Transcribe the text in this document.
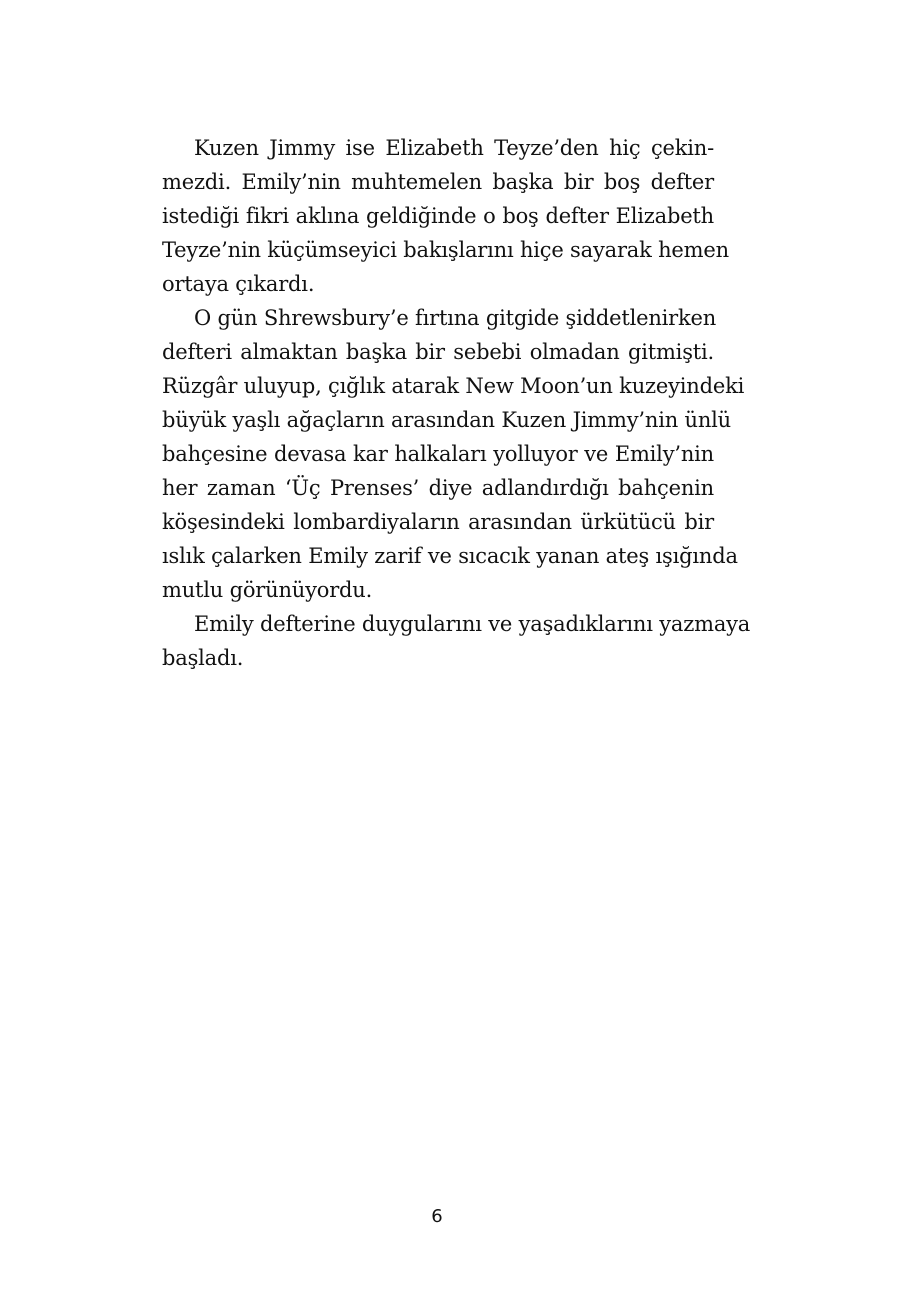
Kuzen Jimmy ise Elizabeth Teyze’den hiç çekin-
mezdi. Emily’nin muhtemelen başka bir boş defter
istediği fikri aklına geldiğinde o boş defter Elizabeth
Teyze’nin küçümseyici bakışlarını hiçe sayarak hemen
ortaya çıkardı.
O gün Shrewsbury’e fırtına gitgide şiddetlenirken
defteri almaktan başka bir sebebi olmadan gitmişti.
Rüzgâr uluyup, çığlık atarak New Moon’un kuzeyindeki
büyük yaşlı ağaçların arasından Kuzen Jimmy’nin ünlü
bahçesine devasa kar halkaları yolluyor ve Emily’nin
her zaman ‘Üç Prenses’ diye adlandırdığı bahçenin
köşesindeki lombardiyaların arasından ürkütücü bir
ıslık çalarken Emily zarif ve sıcacık yanan ateş ışığında
mutlu görünüyordu.
Emily defterine duygularını ve yaşadıklarını yazmaya
başladı.
6
